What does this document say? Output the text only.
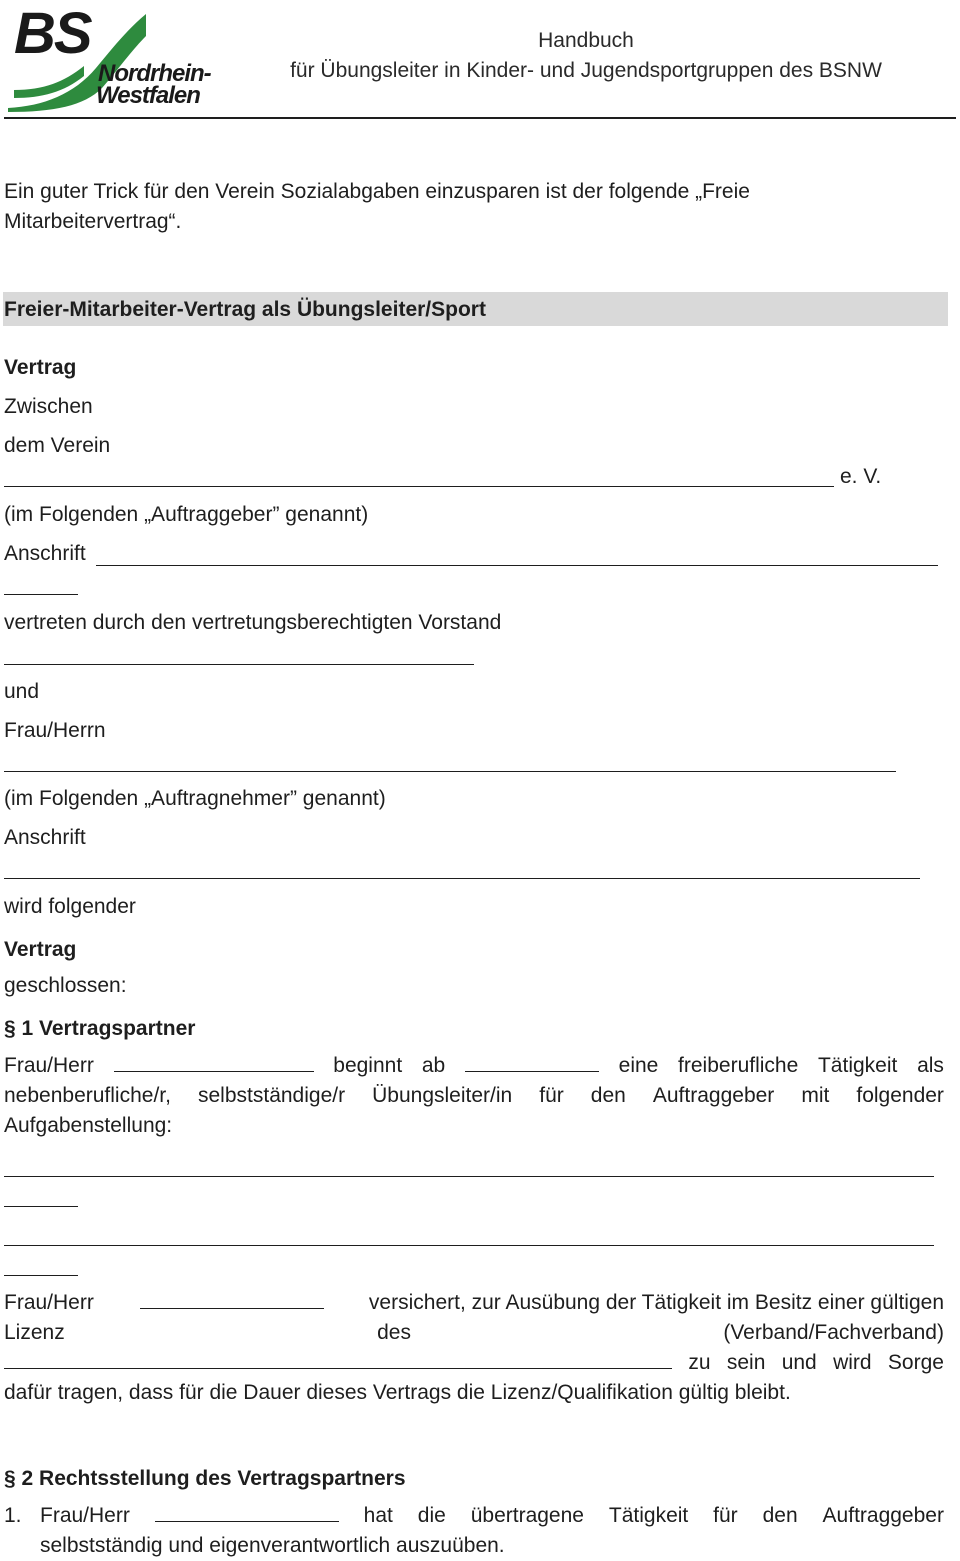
BS
Nordrhein-
Westfalen
Handbuch
für Übungsleiter in Kinder- und Jugendsportgruppen des BSNW
Ein guter Trick für den Verein Sozialabgaben einzusparen ist der folgende „Freie
Mitarbeitervertrag“.
Freier-Mitarbeiter-Vertrag als Übungsleiter/Sport
Vertrag
Zwischen
dem Verein
e. V.
(im Folgenden „Auftraggeber” genannt)
Anschrift
vertreten durch den vertretungsberechtigten Vorstand
und
Frau/Herrn
(im Folgenden „Auftragnehmer” genannt)
Anschrift
wird folgender
Vertrag
geschlossen:
§ 1 Vertragspartner
Frau/Herr	beginnt ab	eine freiberufliche Tätigkeit als
nebenberufliche/r, selbstständige/r Übungsleiter/in für den Auftraggeber mit folgender
Aufgabenstellung:
Frau/Herr	versichert, zur Ausübung der Tätigkeit im Besitz einer gültigen
Lizenz	des	(Verband/Fachverband)
zu sein und wird Sorge
dafür tragen, dass für die Dauer dieses Vertrags die Lizenz/Qualifikation gültig bleibt.
§ 2 Rechtsstellung des Vertragspartners
1. Frau/Herr	hat die übertragene Tätigkeit für den Auftraggeber
selbstständig und eigenverantwortlich auszuüben.
